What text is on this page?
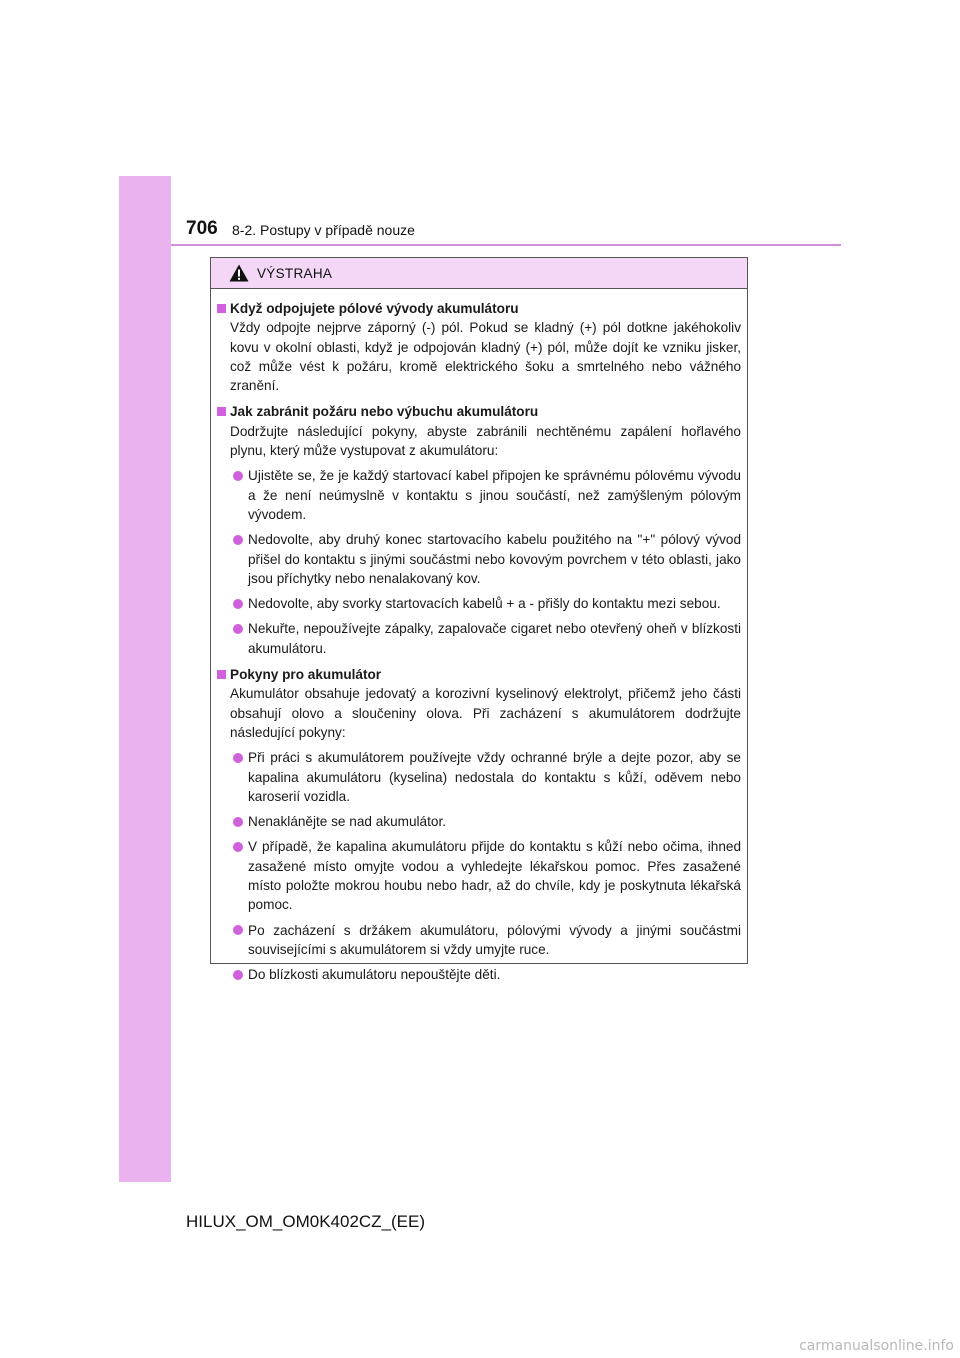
706 8-2. Postupy v případě nouze
VÝSTRAHA
Když odpojujete pólové vývody akumulátoru
Vždy odpojte nejprve záporný (-) pól. Pokud se kladný (+) pól dotkne jakéhokoliv kovu v okolní oblasti, když je odpojován kladný (+) pól, může dojít ke vzniku jisker, což může vést k požáru, kromě elektrického šoku a smrtelného nebo vážného zranění.
Jak zabránit požáru nebo výbuchu akumulátoru
Dodržujte následující pokyny, abyste zabránili nechtěnému zapálení hořlavého plynu, který může vystupovat z akumulátoru:
Ujistěte se, že je každý startovací kabel připojen ke správnému pólovému vývodu a že není neúmyslně v kontaktu s jinou součástí, než zamýšleným pólovým vývodem.
Nedovolte, aby druhý konec startovacího kabelu použitého na "+" pólový vývod přišel do kontaktu s jinými součástmi nebo kovovým povrchem v této oblasti, jako jsou příchytky nebo nenalakovaný kov.
Nedovolte, aby svorky startovacích kabelů + a - přišly do kontaktu mezi sebou.
Nekuřte, nepoužívejte zápalky, zapalovače cigaret nebo otevřený oheň v blízkosti akumulátoru.
Pokyny pro akumulátor
Akumulátor obsahuje jedovatý a korozivní kyselinový elektrolyt, přičemž jeho části obsahují olovo a sloučeniny olova. Při zacházení s akumulátorem dodržujte následující pokyny:
Při práci s akumulátorem používejte vždy ochranné brýle a dejte pozor, aby se kapalina akumulátoru (kyselina) nedostala do kontaktu s kůží, oděvem nebo karoserií vozidla.
Nenaklánějte se nad akumulátor.
V případě, že kapalina akumulátoru přijde do kontaktu s kůží nebo očima, ihned zasažené místo omyjte vodou a vyhledejte lékařskou pomoc. Přes zasažené místo položte mokrou houbu nebo hadr, až do chvíle, kdy je poskytnuta lékařská pomoc.
Po zacházení s držákem akumulátoru, pólovými vývody a jinými součástmi souvisejícími s akumulátorem si vždy umyjte ruce.
Do blízkosti akumulátoru nepouštějte děti.
HILUX_OM_OM0K402CZ_(EE)
carmanualsonline.info
